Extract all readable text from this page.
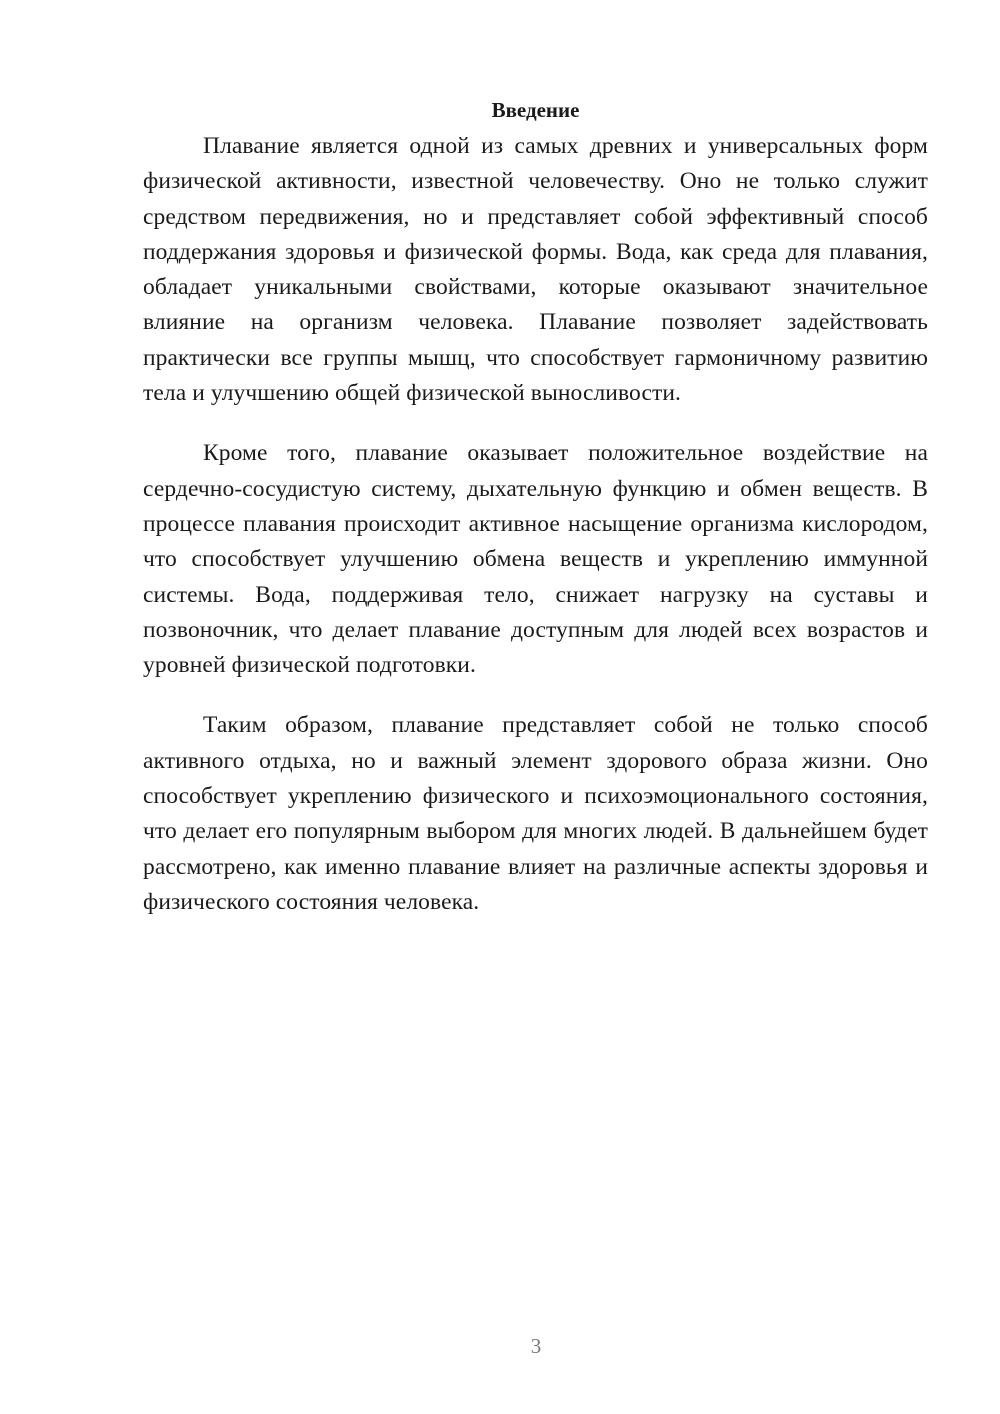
Введение

Плавание является одной из самых древних и универсальных форм физической активности, известной человечеству. Оно не только служит средством передвижения, но и представляет собой эффективный способ поддержания здоровья и физической формы. Вода, как среда для плавания, обладает уникальными свойствами, которые оказывают значительное влияние на организм человека. Плавание позволяет задействовать практически все группы мышц, что способствует гармоничному развитию тела и улучшению общей физической выносливости.

Кроме того, плавание оказывает положительное воздействие на сердечно-сосудистую систему, дыхательную функцию и обмен веществ. В процессе плавания происходит активное насыщение организма кислородом, что способствует улучшению обмена веществ и укреплению иммунной системы. Вода, поддерживая тело, снижает нагрузку на суставы и позвоночник, что делает плавание доступным для людей всех возрастов и уровней физической подготовки.

Таким образом, плавание представляет собой не только способ активного отдыха, но и важный элемент здорового образа жизни. Оно способствует укреплению физического и психоэмоционального состояния, что делает его популярным выбором для многих людей. В дальнейшем будет рассмотрено, как именно плавание влияет на различные аспекты здоровья и физического состояния человека.

3
